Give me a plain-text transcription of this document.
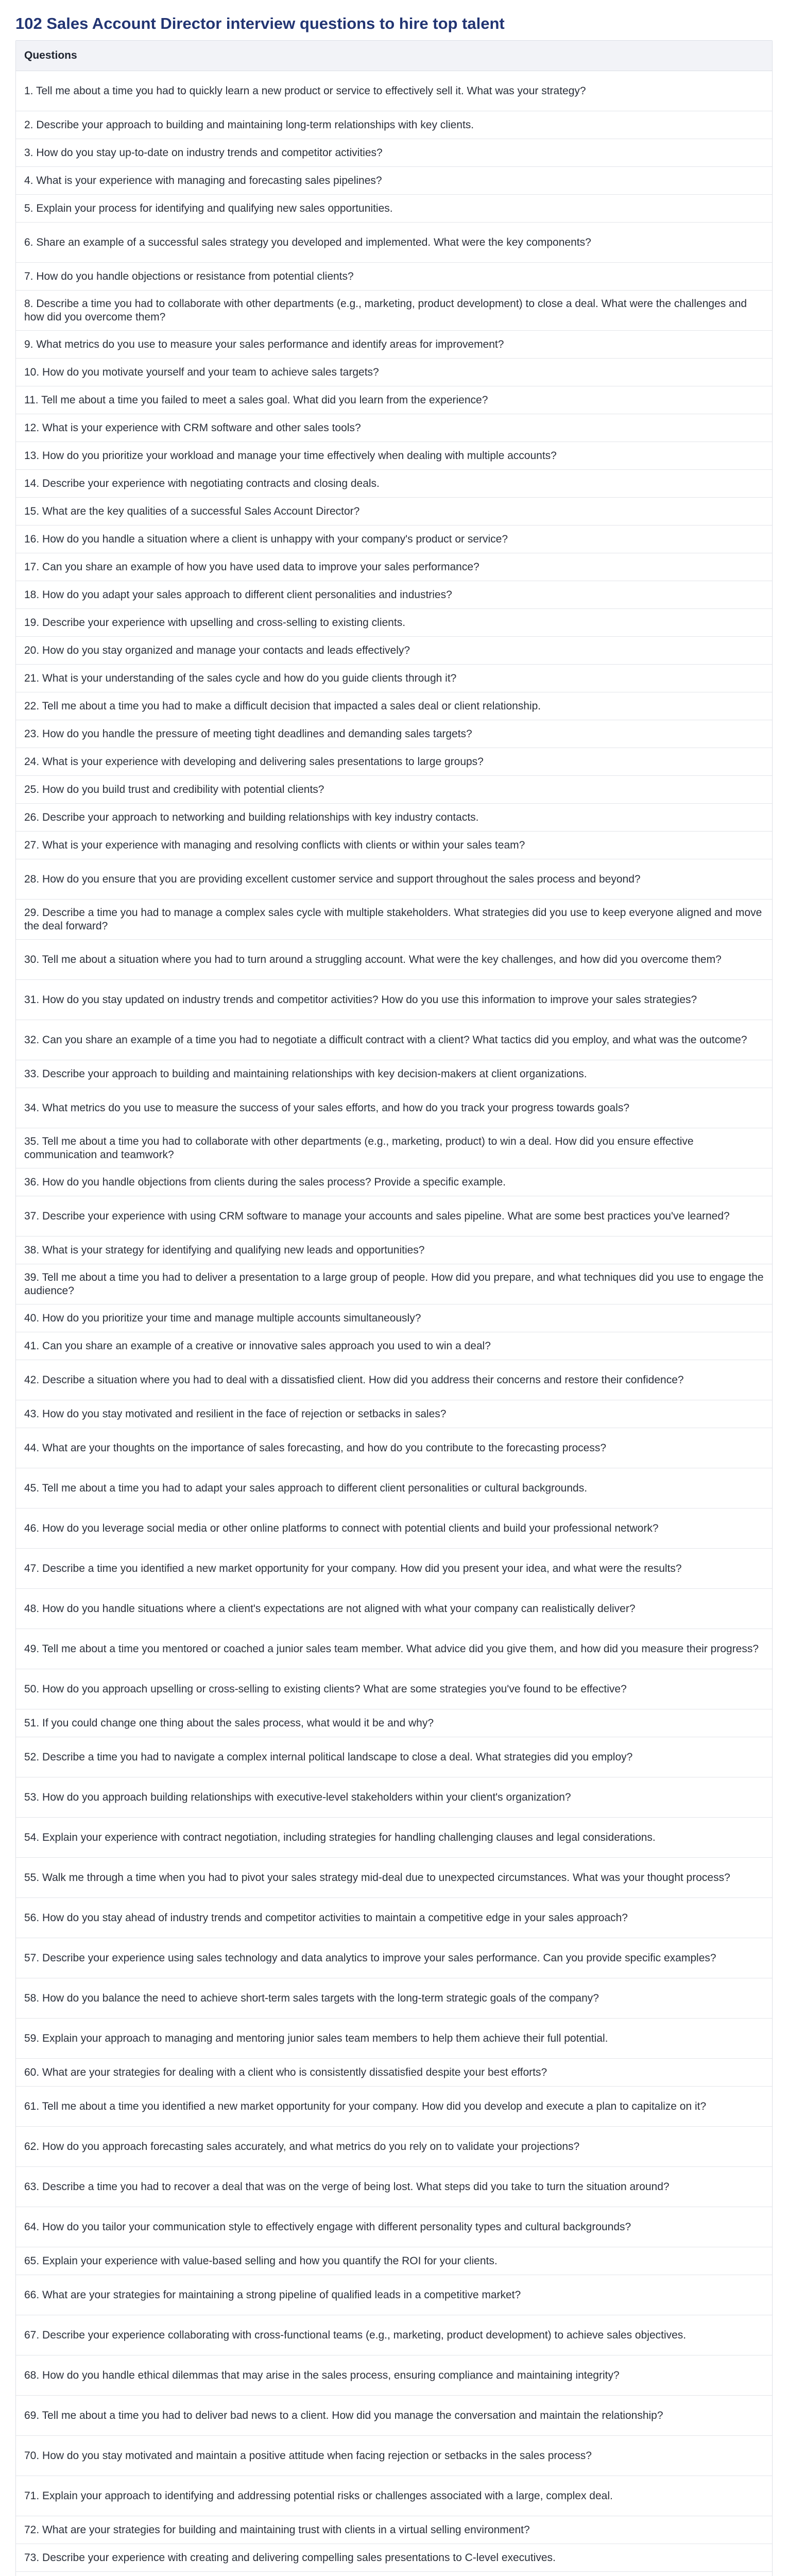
102 Sales Account Director interview questions to hire top talent
Questions
1. Tell me about a time you had to quickly learn a new product or service to effectively sell it. What was your strategy?
2. Describe your approach to building and maintaining long-term relationships with key clients.
3. How do you stay up-to-date on industry trends and competitor activities?
4. What is your experience with managing and forecasting sales pipelines?
5. Explain your process for identifying and qualifying new sales opportunities.
6. Share an example of a successful sales strategy you developed and implemented. What were the key components?
7. How do you handle objections or resistance from potential clients?
8. Describe a time you had to collaborate with other departments (e.g., marketing, product development) to close a deal. What were the challenges and how did you overcome them?
9. What metrics do you use to measure your sales performance and identify areas for improvement?
10. How do you motivate yourself and your team to achieve sales targets?
11. Tell me about a time you failed to meet a sales goal. What did you learn from the experience?
12. What is your experience with CRM software and other sales tools?
13. How do you prioritize your workload and manage your time effectively when dealing with multiple accounts?
14. Describe your experience with negotiating contracts and closing deals.
15. What are the key qualities of a successful Sales Account Director?
16. How do you handle a situation where a client is unhappy with your company's product or service?
17. Can you share an example of how you have used data to improve your sales performance?
18. How do you adapt your sales approach to different client personalities and industries?
19. Describe your experience with upselling and cross-selling to existing clients.
20. How do you stay organized and manage your contacts and leads effectively?
21. What is your understanding of the sales cycle and how do you guide clients through it?
22. Tell me about a time you had to make a difficult decision that impacted a sales deal or client relationship.
23. How do you handle the pressure of meeting tight deadlines and demanding sales targets?
24. What is your experience with developing and delivering sales presentations to large groups?
25. How do you build trust and credibility with potential clients?
26. Describe your approach to networking and building relationships with key industry contacts.
27. What is your experience with managing and resolving conflicts with clients or within your sales team?
28. How do you ensure that you are providing excellent customer service and support throughout the sales process and beyond?
29. Describe a time you had to manage a complex sales cycle with multiple stakeholders. What strategies did you use to keep everyone aligned and move the deal forward?
30. Tell me about a situation where you had to turn around a struggling account. What were the key challenges, and how did you overcome them?
31. How do you stay updated on industry trends and competitor activities? How do you use this information to improve your sales strategies?
32. Can you share an example of a time you had to negotiate a difficult contract with a client? What tactics did you employ, and what was the outcome?
33. Describe your approach to building and maintaining relationships with key decision-makers at client organizations.
34. What metrics do you use to measure the success of your sales efforts, and how do you track your progress towards goals?
35. Tell me about a time you had to collaborate with other departments (e.g., marketing, product) to win a deal. How did you ensure effective communication and teamwork?
36. How do you handle objections from clients during the sales process? Provide a specific example.
37. Describe your experience with using CRM software to manage your accounts and sales pipeline. What are some best practices you've learned?
38. What is your strategy for identifying and qualifying new leads and opportunities?
39. Tell me about a time you had to deliver a presentation to a large group of people. How did you prepare, and what techniques did you use to engage the audience?
40. How do you prioritize your time and manage multiple accounts simultaneously?
41. Can you share an example of a creative or innovative sales approach you used to win a deal?
42. Describe a situation where you had to deal with a dissatisfied client. How did you address their concerns and restore their confidence?
43. How do you stay motivated and resilient in the face of rejection or setbacks in sales?
44. What are your thoughts on the importance of sales forecasting, and how do you contribute to the forecasting process?
45. Tell me about a time you had to adapt your sales approach to different client personalities or cultural backgrounds.
46. How do you leverage social media or other online platforms to connect with potential clients and build your professional network?
47. Describe a time you identified a new market opportunity for your company. How did you present your idea, and what were the results?
48. How do you handle situations where a client's expectations are not aligned with what your company can realistically deliver?
49. Tell me about a time you mentored or coached a junior sales team member. What advice did you give them, and how did you measure their progress?
50. How do you approach upselling or cross-selling to existing clients? What are some strategies you've found to be effective?
51. If you could change one thing about the sales process, what would it be and why?
52. Describe a time you had to navigate a complex internal political landscape to close a deal. What strategies did you employ?
53. How do you approach building relationships with executive-level stakeholders within your client's organization?
54. Explain your experience with contract negotiation, including strategies for handling challenging clauses and legal considerations.
55. Walk me through a time when you had to pivot your sales strategy mid-deal due to unexpected circumstances. What was your thought process?
56. How do you stay ahead of industry trends and competitor activities to maintain a competitive edge in your sales approach?
57. Describe your experience using sales technology and data analytics to improve your sales performance. Can you provide specific examples?
58. How do you balance the need to achieve short-term sales targets with the long-term strategic goals of the company?
59. Explain your approach to managing and mentoring junior sales team members to help them achieve their full potential.
60. What are your strategies for dealing with a client who is consistently dissatisfied despite your best efforts?
61. Tell me about a time you identified a new market opportunity for your company. How did you develop and execute a plan to capitalize on it?
62. How do you approach forecasting sales accurately, and what metrics do you rely on to validate your projections?
63. Describe a time you had to recover a deal that was on the verge of being lost. What steps did you take to turn the situation around?
64. How do you tailor your communication style to effectively engage with different personality types and cultural backgrounds?
65. Explain your experience with value-based selling and how you quantify the ROI for your clients.
66. What are your strategies for maintaining a strong pipeline of qualified leads in a competitive market?
67. Describe your experience collaborating with cross-functional teams (e.g., marketing, product development) to achieve sales objectives.
68. How do you handle ethical dilemmas that may arise in the sales process, ensuring compliance and maintaining integrity?
69. Tell me about a time you had to deliver bad news to a client. How did you manage the conversation and maintain the relationship?
70. How do you stay motivated and maintain a positive attitude when facing rejection or setbacks in the sales process?
71. Explain your approach to identifying and addressing potential risks or challenges associated with a large, complex deal.
72. What are your strategies for building and maintaining trust with clients in a virtual selling environment?
73. Describe your experience with creating and delivering compelling sales presentations to C-level executives.
